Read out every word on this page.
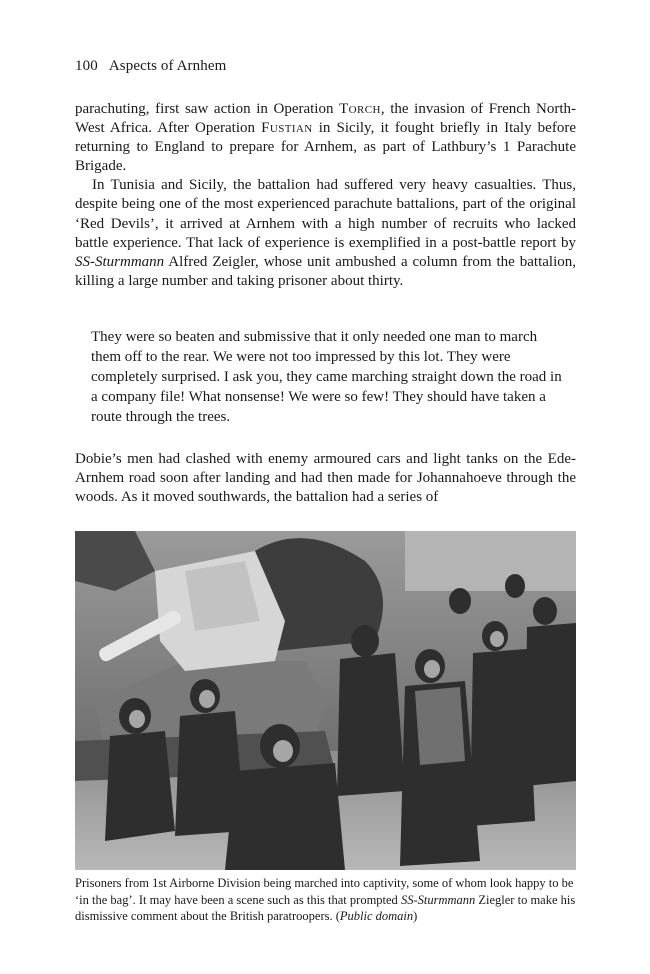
100 Aspects of Arnhem

parachuting, first saw action in Operation Torch, the invasion of French North-West Africa. After Operation Fustian in Sicily, it fought briefly in Italy before returning to England to prepare for Arnhem, as part of Lathbury’s 1 Parachute Brigade.

In Tunisia and Sicily, the battalion had suffered very heavy casualties. Thus, despite being one of the most experienced parachute battalions, part of the original ‘Red Devils’, it arrived at Arnhem with a high number of recruits who lacked battle experience. That lack of experience is exemplified in a post-battle report by SS-Sturmmann Alfred Zeigler, whose unit ambushed a column from the battalion, killing a large number and taking prisoner about thirty.

They were so beaten and submissive that it only needed one man to march them off to the rear. We were not too impressed by this lot. They were completely surprised. I ask you, they came marching straight down the road in a company file! What nonsense! We were so few! They should have taken a route through the trees.

Dobie’s men had clashed with enemy armoured cars and light tanks on the Ede-Arnhem road soon after landing and had then made for Johannahoeve through the woods. As it moved southwards, the battalion had a series of

Prisoners from 1st Airborne Division being marched into captivity, some of whom look happy to be ‘in the bag’. It may have been a scene such as this that prompted SS-Sturmmann Ziegler to make his dismissive comment about the British paratroopers. (Public domain)
